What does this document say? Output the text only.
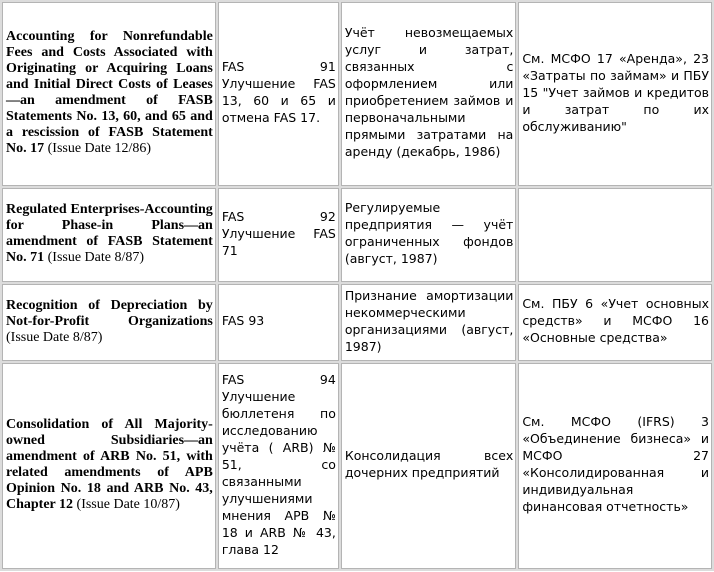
Accounting for Nonrefundable Fees and Costs Associated with Originating or Acquiring Loans and Initial Direct Costs of Leases—an amendment of FASB Statements No. 13, 60, and 65 and a rescission of FASB Statement No. 17 (Issue Date 12/86)	FAS 91 Улучшение FAS 13, 60 и 65 и отмена FAS 17.	Учёт невозмещаемых услуг и затрат, связанных с оформлением или приобретением займов и первоначальными прямыми затратами на аренду (декабрь, 1986)	См. МСФО 17 «Аренда», 23 «Затраты по займам» и ПБУ 15 "Учет займов и кредитов и затрат по их обслуживанию"
Regulated Enterprises-Accounting for Phase-in Plans—an amendment of FASB Statement No. 71 (Issue Date 8/87)	FAS 92 Улучшение FAS 71	Регулируемые предприятия — учёт ограниченных фондов (август, 1987)	
Recognition of Depreciation by Not-for-Profit Organizations (Issue Date 8/87)	FAS 93	Признание амортизации некоммерческими организациями (август, 1987)	См. ПБУ 6 «Учет основных средств» и МСФО 16 «Основные средства»
Consolidation of All Majority-owned Subsidiaries—an amendment of ARB No. 51, with related amendments of APB Opinion No. 18 and ARB No. 43, Chapter 12 (Issue Date 10/87)	FAS 94 Улучшение бюллетеня по исследованию учёта ( ARB) № 51, со связанными улучшениями мнения APB № 18 и ARB № 43, глава 12	Консолидация всех дочерних предприятий	См. МСФО (IFRS) 3 «Объединение бизнеса» и МСФО 27 «Консолидированная и индивидуальная финансовая отчетность»
